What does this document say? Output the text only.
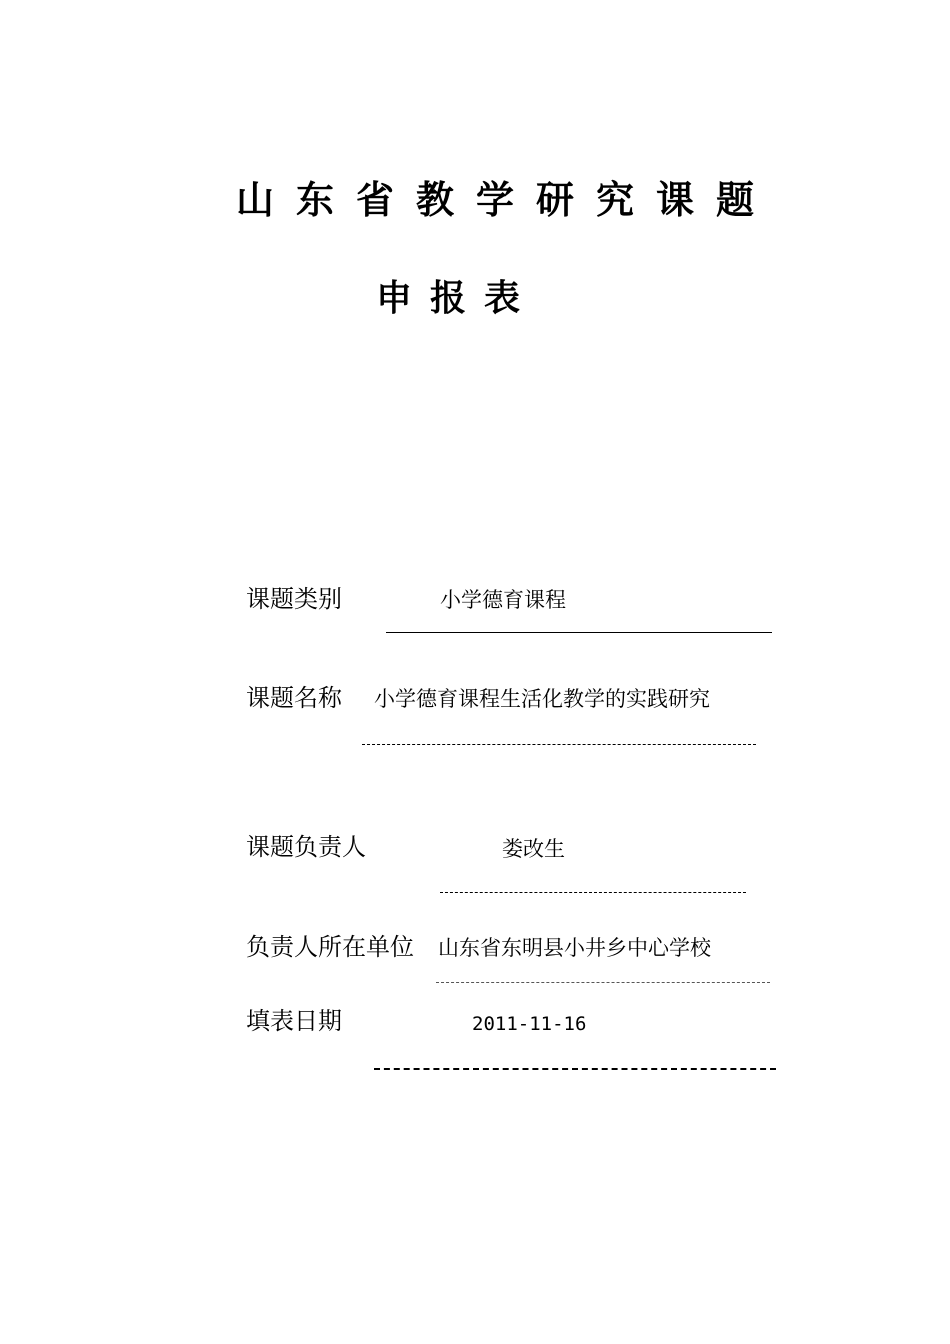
山东省教学研究课题
申报表
课题类别	小学德育课程
课题名称 小学德育课程生活化教学的实践研究
课题负责人	娄改生
负责人所在单位 山东省东明县小井乡中心学校
填表日期	2011-11-16
